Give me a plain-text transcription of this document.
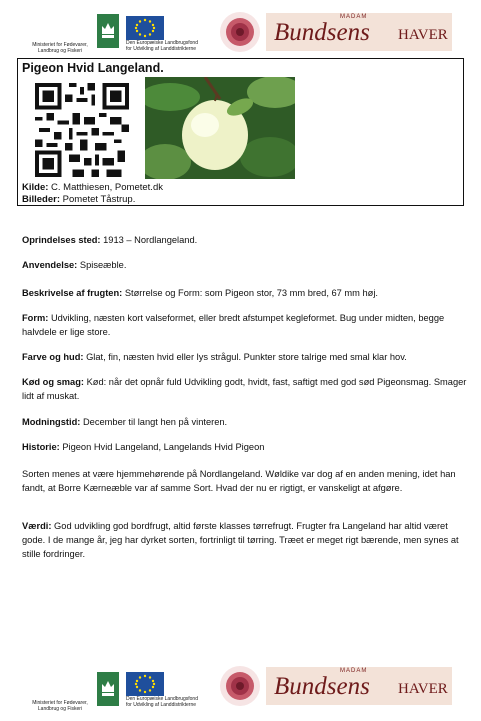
Ministeriet for Fødevarer, Landbrug og Fiskeri
Den Europæiske Landbrugsfond for Udvikling af Landdistrikterne
MADAM
Bundsens HAVER
Pigeon Hvid Langeland.
Kilde: C. Matthiesen, Pometet.dk
Billeder: Pometet Tåstrup.
Oprindelses sted: 1913 – Nordlangeland.
Anvendelse: Spiseæble.
Beskrivelse af frugten: Størrelse og Form: som Pigeon stor, 73 mm bred, 67 mm høj.
Form: Udvikling, næsten kort valseformet, eller bredt afstumpet kegleformet. Bug under midten, begge halvdele er lige store.
Farve og hud: Glat, fin, næsten hvid eller lys strågul. Punkter store talrige med smal klar hov.
Kød og smag: Kød: når det opnår fuld Udvikling godt, hvidt, fast, saftigt med god sød Pigeonsmag. Smager lidt af muskat.
Modningstid: December til langt hen på vinteren.
Historie: Pigeon Hvid Langeland, Langelands Hvid Pigeon
Sorten menes at være hjemmehørende på Nordlangeland. Wøldike var dog af en anden mening, idet han fandt, at Borre Kærneæble var af samme Sort. Hvad der nu er rigtigt, er vanskeligt at afgøre.
Værdi: God udvikling god bordfrugt, altid første klasses tørrefrugt. Frugter fra Langeland har altid været gode. I de mange år, jeg har dyrket sorten, fortrinligt til tørring. Træet er meget rigt bærende, men synes at stille fordringer.
Ministeriet for Fødevarer, Landbrug og Fiskeri
Den Europæiske Landbrugsfond for Udvikling af Landdistrikterne
MADAM
Bundsens HAVER
